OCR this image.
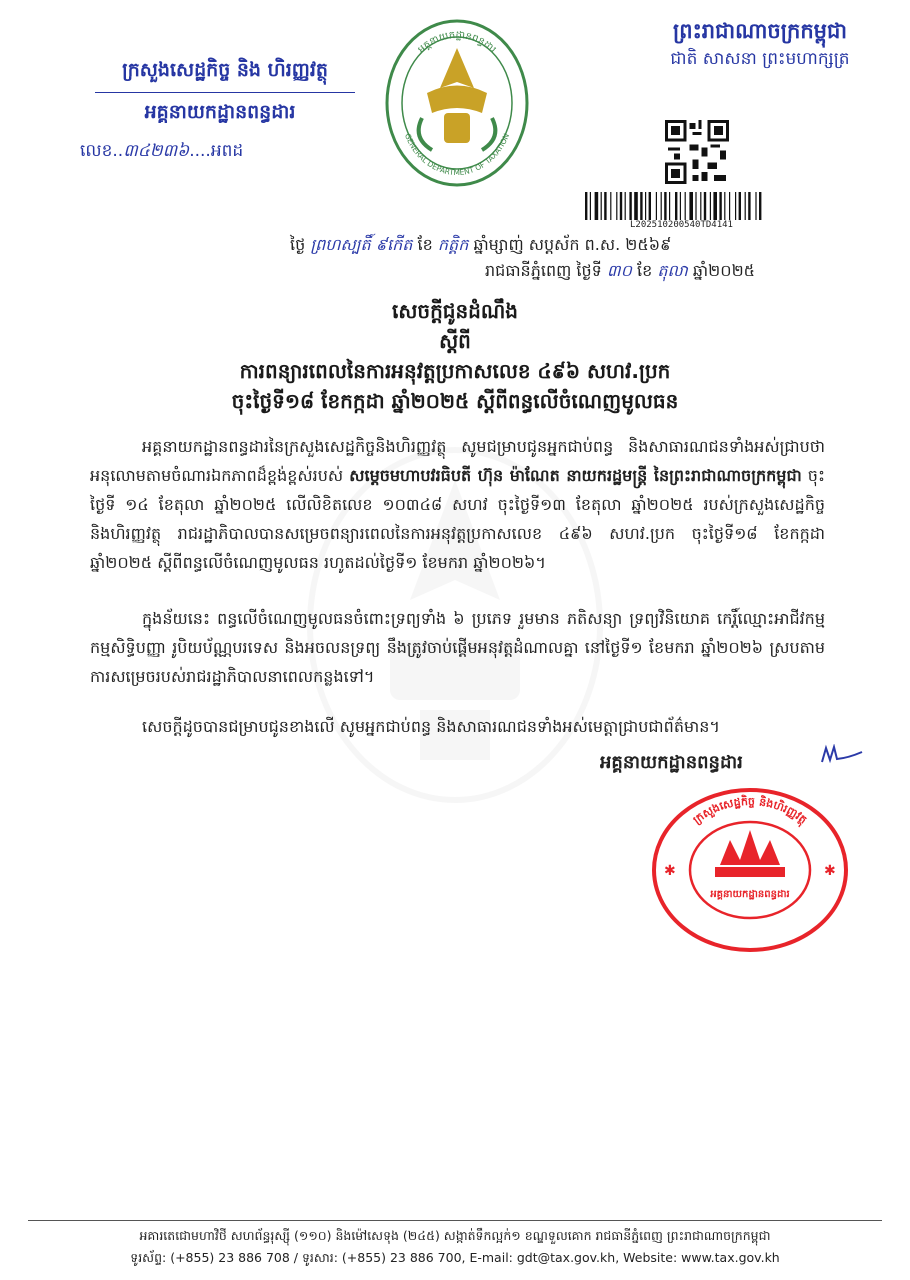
ក្រសួងសេដ្ឋកិច្ច និង ហិរញ្ញវត្ថុ
អគ្គនាយកដ្ឋានពន្ធដារ
លេខ..៣៤២៣៦....អពដ
អគ្គនាយកដ្ឋានពន្ធដារ
GENERAL DEPARTMENT OF TAXATION
ព្រះរាជាណាចក្រកម្ពុជា
ជាតិ សាសនា ព្រះមហាក្សត្រ
L202510200540TD4141
ថ្ងៃ ព្រហស្បតិ៍ ៩កើត ខែ កត្តិក ឆ្នាំម្សាញ់ សប្តស័ក ព.ស. ២៥៦៩
រាជធានីភ្នំពេញ ថ្ងៃទី ៣០ ខែ តុលា ឆ្នាំ២០២៥
សេចក្តីជូនដំណឹង
ស្តីពី
ការពន្យារពេលនៃការអនុវត្តប្រកាសលេខ ៤៩៦ សហវ.ប្រក
ចុះថ្ងៃទី១៨ ខែកក្កដា ឆ្នាំ២០២៥ ស្តីពីពន្ធលើចំណេញមូលធន
អគ្គនាយកដ្ឋានពន្ធដារនៃក្រសួងសេដ្ឋកិច្ចនិងហិរញ្ញវត្ថុ សូមជម្រាបជូនអ្នកជាប់ពន្ធ និងសាធារណជនទាំងអស់ជ្រាបថា អនុលោមតាមចំណារឯកភាពដ៏ខ្ពង់ខ្ពស់របស់ សម្តេចមហាបវរធិបតី ហ៊ុន ម៉ាណែត នាយករដ្ឋមន្ត្រី នៃព្រះរាជាណាចក្រកម្ពុជា ចុះថ្ងៃទី ១៤ ខែតុលា ឆ្នាំ២០២៥ លើលិខិតលេខ ១០៣៤៨ សហវ ចុះថ្ងៃទី១៣ ខែតុលា ឆ្នាំ២០២៥ របស់ក្រសួងសេដ្ឋកិច្ចនិងហិរញ្ញវត្ថុ រាជរដ្ឋាភិបាលបានសម្រេចពន្យារពេលនៃការអនុវត្តប្រកាសលេខ ៤៩៦ សហវ.ប្រក ចុះថ្ងៃទី១៨ ខែកក្កដា ឆ្នាំ២០២៥ ស្តីពីពន្ធលើចំណេញមូលធន រហូតដល់ថ្ងៃទី១ ខែមករា ឆ្នាំ២០២៦។
ក្នុងន័យនេះ ពន្ធលើចំណេញមូលធនចំពោះទ្រព្យទាំង ៦ ប្រភេទ រួមមាន ភតិសន្យា ទ្រព្យវិនិយោគ កេរ្តិ៍ឈ្មោះអាជីវកម្ម កម្មសិទ្ធិបញ្ញា រូបិយប័ណ្ណបរទេស និងអចលនទ្រព្យ នឹងត្រូវចាប់ផ្តើមអនុវត្តដំណាលគ្នា នៅថ្ងៃទី១ ខែមករា ឆ្នាំ២០២៦ ស្របតាមការសម្រេចរបស់រាជរដ្ឋាភិបាលនាពេលកន្លងទៅ។
សេចក្តីដូចបានជម្រាបជូនខាងលើ សូមអ្នកជាប់ពន្ធ និងសាធារណជនទាំងអស់មេត្តាជ្រាបជាព័ត៌មាន។
អគ្គនាយកដ្ឋានពន្ធដារ
ក្រសួងសេដ្ឋកិច្ច និងហិរញ្ញវត្ថុ
អគ្គនាយកដ្ឋានពន្ធដារ
✱	✱
អគារតេជោមហាវិថី សហព័ន្ធរុស្ស៊ី (១១០) និងម៉ៅសេទុង (២៤៥) សង្កាត់ទឹកល្អក់១ ខណ្ឌទួលគោក រាជធានីភ្នំពេញ ព្រះរាជាណាចក្រកម្ពុជា
ទូរស័ព្ទ: (+855) 23 886 708 / ទូរសារ: (+855) 23 886 700, E-mail: gdt@tax.gov.kh, Website: www.tax.gov.kh
